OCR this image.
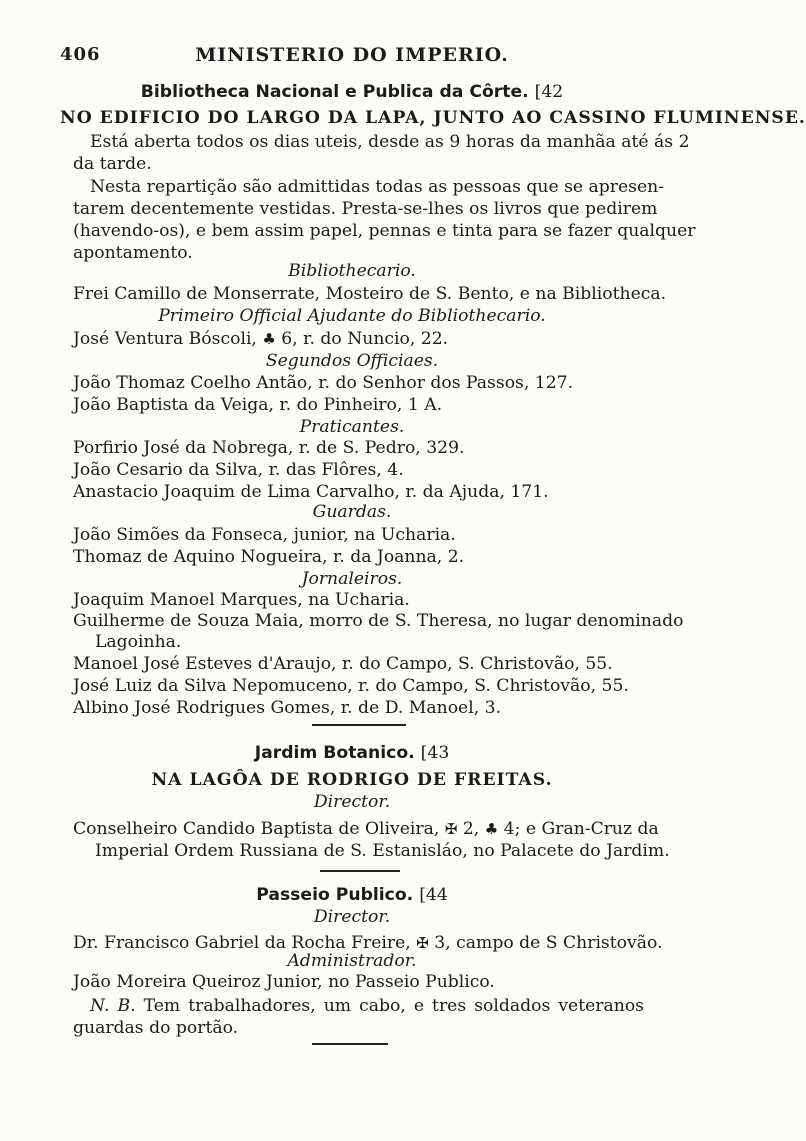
406	MINISTERIO DO IMPERIO.
Bibliotheca Nacional e Publica da Côrte. [42
NO EDIFICIO DO LARGO DA LAPA, JUNTO AO CASSINO FLUMINENSE.
Está aberta todos os dias uteis, desde as 9 horas da manhãa até ás 2
da tarde.
Nesta repartição são admittidas todas as pessoas que se apresen-
tarem decentemente vestidas. Presta-se-lhes os livros que pedirem
(havendo-os), e bem assim papel, pennas e tinta para se fazer qualquer
apontamento.
Bibliothecario.
Frei Camillo de Monserrate, Mosteiro de S. Bento, e na Bibliotheca.
Primeiro Official Ajudante do Bibliothecario.
José Ventura Bóscoli, ♣ 6, r. do Nuncio, 22.
Segundos Officiaes.
João Thomaz Coelho Antão, r. do Senhor dos Passos, 127.
João Baptista da Veiga, r. do Pinheiro, 1 A.
Praticantes.
Porfirio José da Nobrega, r. de S. Pedro, 329.
João Cesario da Silva, r. das Flôres, 4.
Anastacio Joaquim de Lima Carvalho, r. da Ajuda, 171.
Guardas.
João Simões da Fonseca, junior, na Ucharia.
Thomaz de Aquino Nogueira, r. da Joanna, 2.
Jornaleiros.
Joaquim Manoel Marques, na Ucharia.
Guilherme de Souza Maia, morro de S. Theresa, no lugar denominado
Lagoinha.
Manoel José Esteves d'Araujo, r. do Campo, S. Christovão, 55.
José Luiz da Silva Nepomuceno, r. do Campo, S. Christovão, 55.
Albino José Rodrigues Gomes, r. de D. Manoel, 3.
Jardim Botanico. [43
NA LAGÔA DE RODRIGO DE FREITAS.
Director.
Conselheiro Candido Baptista de Oliveira, ✠ 2, ♣ 4; e Gran-Cruz da
Imperial Ordem Russiana de S. Estanisláo, no Palacete do Jardim.
Passeio Publico. [44
Director.
Dr. Francisco Gabriel da Rocha Freire, ✠ 3, campo de S Christovão.
Administrador.
João Moreira Queiroz Junior, no Passeio Publico.
N. B. Tem trabalhadores, um cabo, e tres soldados veteranos
guardas do portão.
